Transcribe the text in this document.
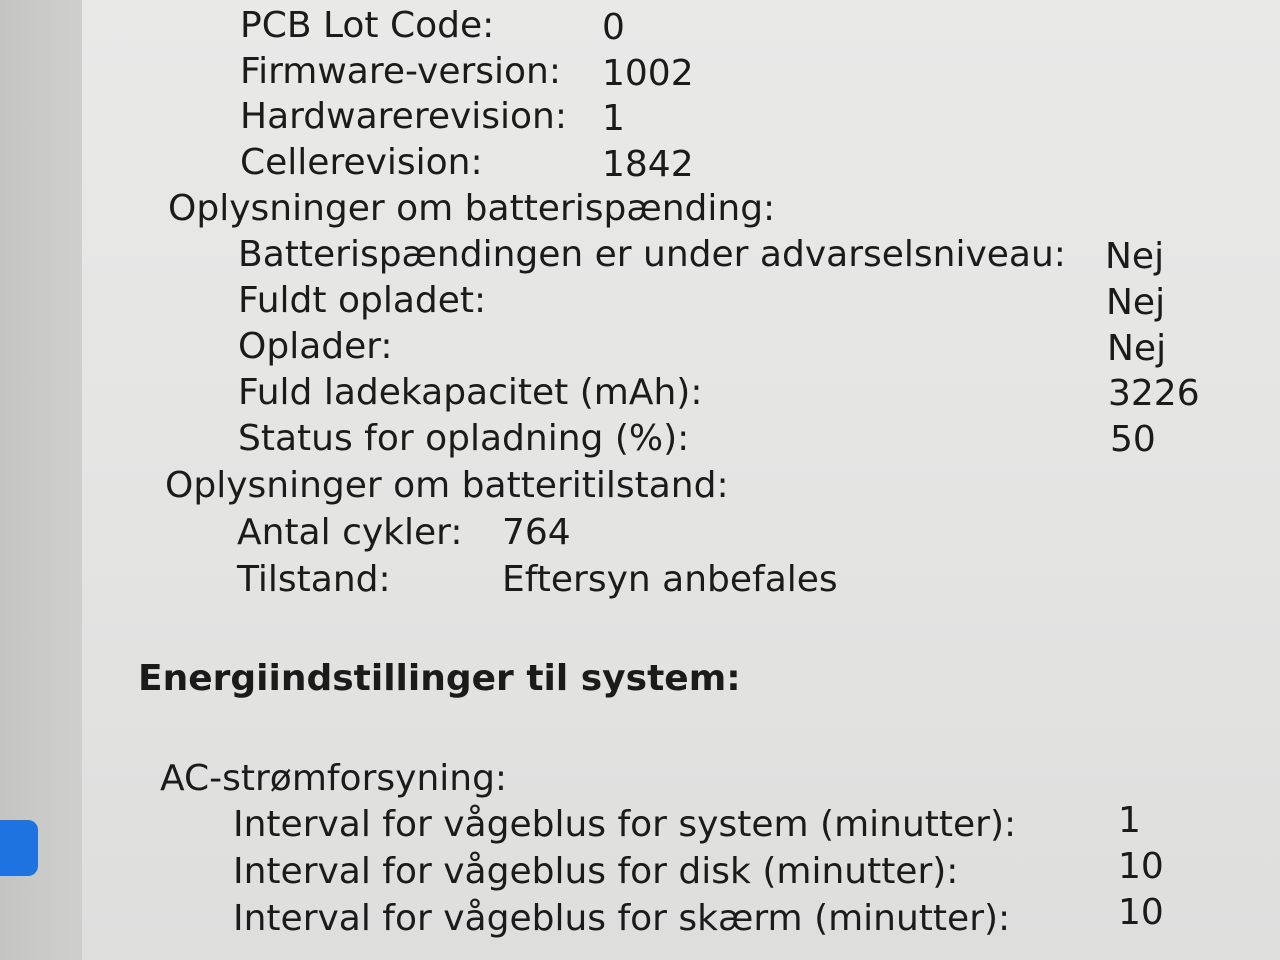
PCB Lot Code:	0
Firmware-version: 1002
Hardwarerevision: 1
Cellerevision:	1842
Oplysninger om batterispænding:
Batterispændingen er under advarselsniveau: Nej
Fuldt opladet:	Nej
Oplader:	Nej
Fuld ladekapacitet (mAh):	3226
Status for opladning (%):	50
Oplysninger om batteritilstand:
Antal cykler: 764
Tilstand:	Eftersyn anbefales
Energiindstillinger til system:
AC-strømforsyning:
Interval for vågeblus for system (minutter):	1
Interval for vågeblus for disk (minutter):	10
Interval for vågeblus for skærm (minutter):	10
